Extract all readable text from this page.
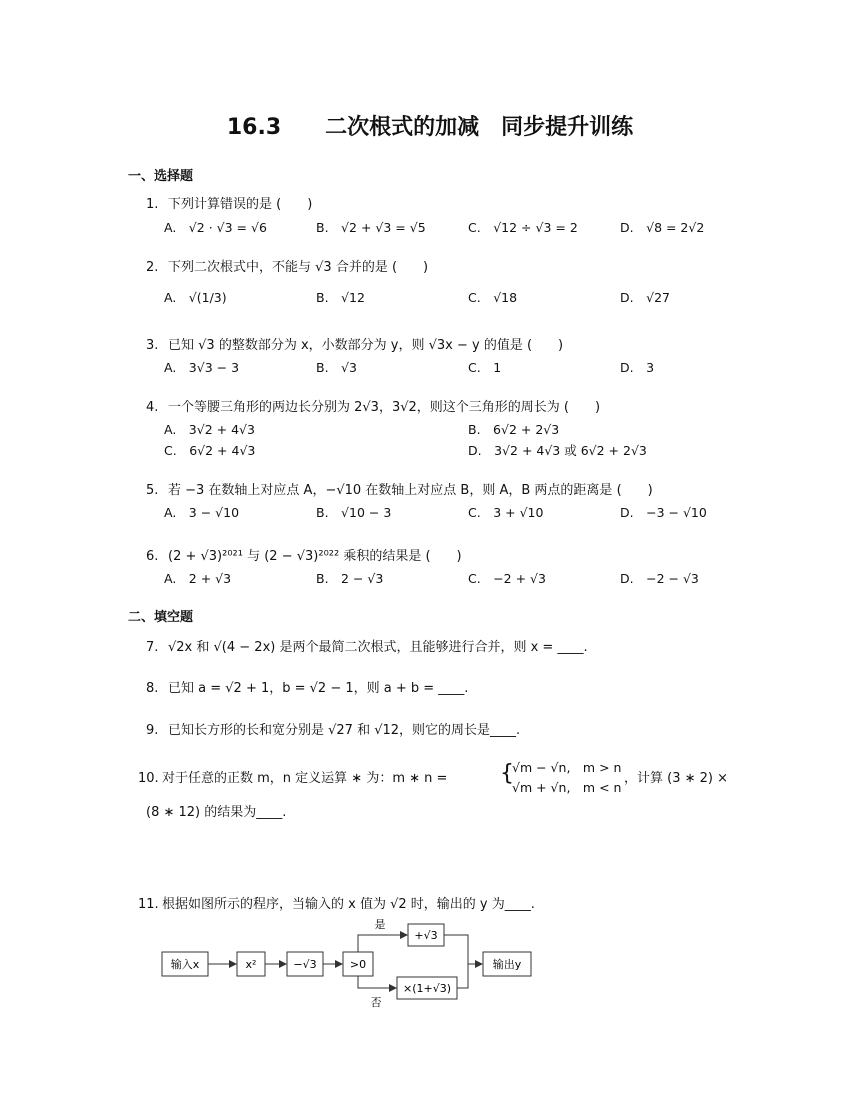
16.3　　二次根式的加减　同步提升训练
一、选择题
1. 下列计算错误的是 (　　)
A.　√2 · √3 = √6	B.　√2 + √3 = √5	C.　√12 ÷ √3 = 2	D.　√8 = 2√2
2. 下列二次根式中，不能与 √3 合并的是 (　　)
A.　√(1/3)	B.　√12	C.　√18	D.　√27
3. 已知 √3 的整数部分为 x，小数部分为 y，则 √3x − y 的值是 (　　)
A.　3√3 − 3	B.　√3	C.　1	D.　3
4. 一个等腰三角形的两边长分别为 2√3，3√2，则这个三角形的周长为 (　　)
A.　3√2 + 4√3	B.　6√2 + 2√3
C.　6√2 + 4√3	D.　3√2 + 4√3 或 6√2 + 2√3
5. 若 −3 在数轴上对应点 A，−√10 在数轴上对应点 B，则 A，B 两点的距离是 (　　)
A.　3 − √10	B.　√10 − 3	C.　3 + √10	D.　−3 − √10
6. (2 + √3)²⁰²¹ 与 (2 − √3)²⁰²² 乘积的结果是 (　　)
A.　2 + √3	B.　2 − √3	C.　−2 + √3	D.　−2 − √3
二、填空题
7. √2x 和 √(4 − 2x) 是两个最简二次根式，且能够进行合并，则 x = ____.
8. 已知 a = √2 + 1，b = √2 − 1，则 a + b = ____.
9. 已知长方形的长和宽分别是 √27 和 √12，则它的周长是____.
10. 对于任意的正数 m，n 定义运算 ∗ 为：m ∗ n = {
√m − √n,　m > n
√m + √n,　m < n
，计算 (3 ∗ 2) ×
(8 ∗ 12) 的结果为____.
11. 根据如图所示的程序，当输入的 x 值为 √2 时，输出的 y 为____.
输入x	x²	−√3	>0
是
否
+√3
×(1+√3)
输出y
